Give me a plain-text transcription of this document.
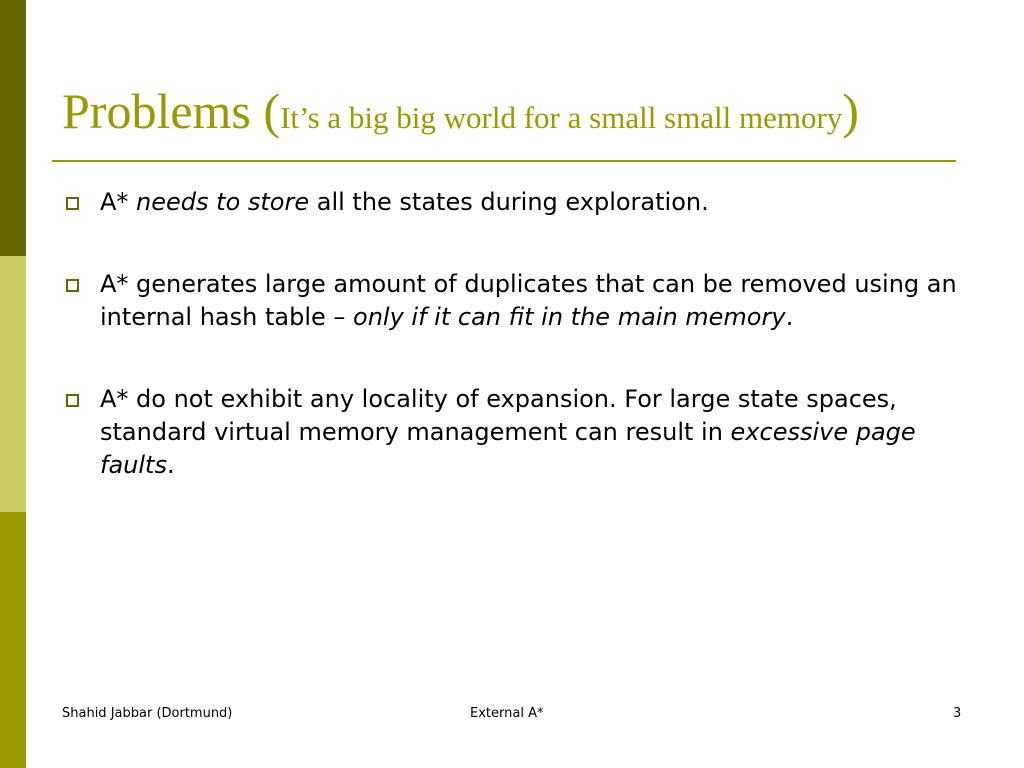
Problems (It’s a big big world for a small small memory)
A* needs to store all the states during exploration.
A* generates large amount of duplicates that can be removed using an internal hash table – only if it can fit in the main memory.
A* do not exhibit any locality of expansion. For large state spaces, standard virtual memory management can result in excessive page faults.
Shahid Jabbar (Dortmund)	External A*	3
